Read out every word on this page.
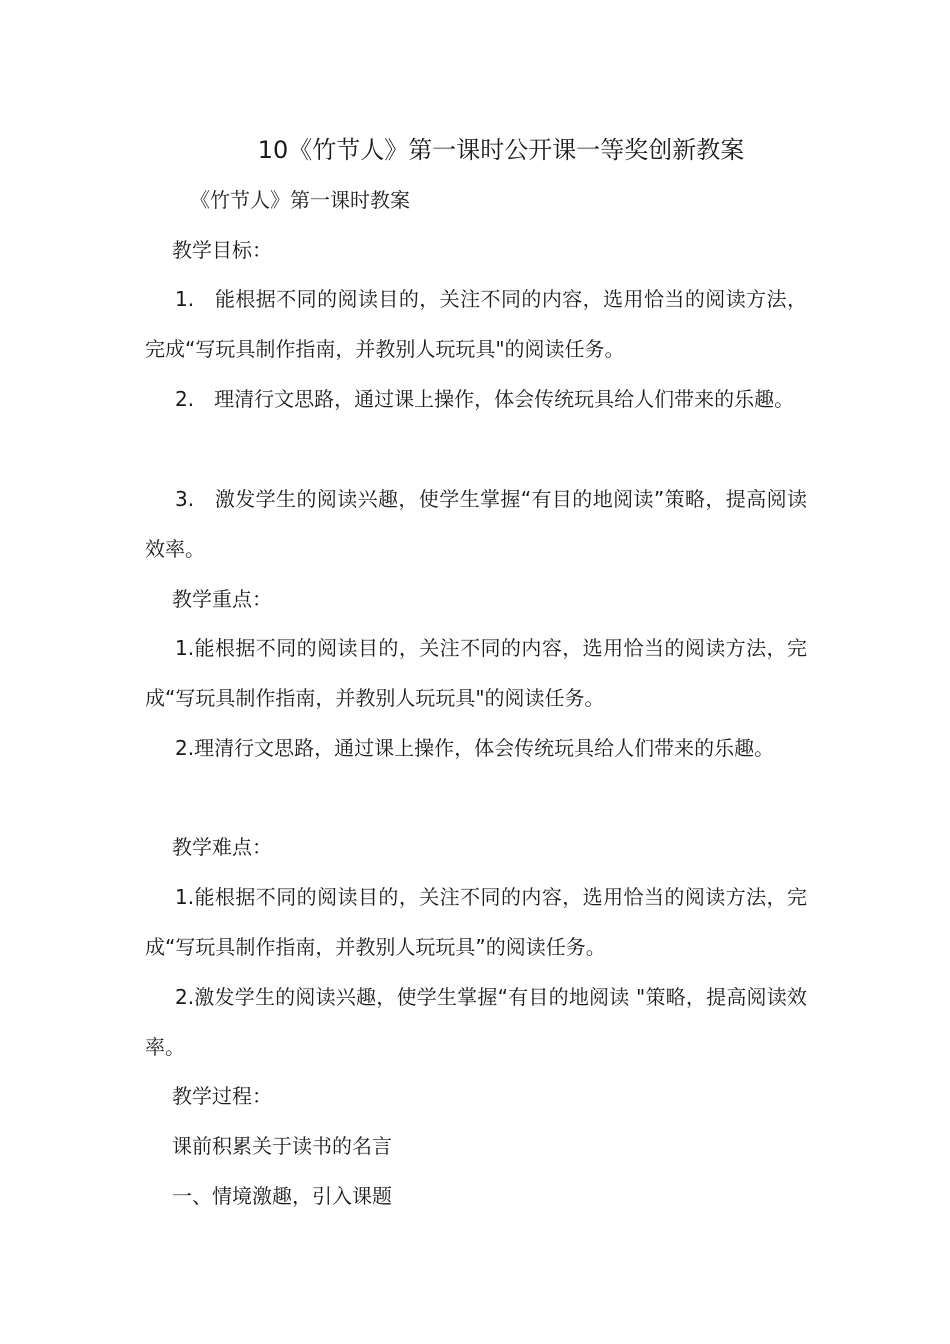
10《竹节人》第一课时公开课一等奖创新教案
《竹节人》第一课时教案
教学目标：
1.　能根据不同的阅读目的，关注不同的内容，选用恰当的阅读方法，完成“写玩具制作指南，并教别人玩玩具"的阅读任务。
2.　理清行文思路，通过课上操作，体会传统玩具给人们带来的乐趣。
3.　激发学生的阅读兴趣，使学生掌握“有目的地阅读”策略，提高阅读效率。
教学重点：
1.能根据不同的阅读目的，关注不同的内容，选用恰当的阅读方法，完成“写玩具制作指南，并教别人玩玩具"的阅读任务。
2.理清行文思路，通过课上操作，体会传统玩具给人们带来的乐趣。
教学难点：
1.能根据不同的阅读目的，关注不同的内容，选用恰当的阅读方法，完成“写玩具制作指南，并教别人玩玩具”的阅读任务。
2.激发学生的阅读兴趣，使学生掌握“有目的地阅读 "策略，提高阅读效率。
教学过程：
课前积累关于读书的名言
一、情境激趣，引入课题
